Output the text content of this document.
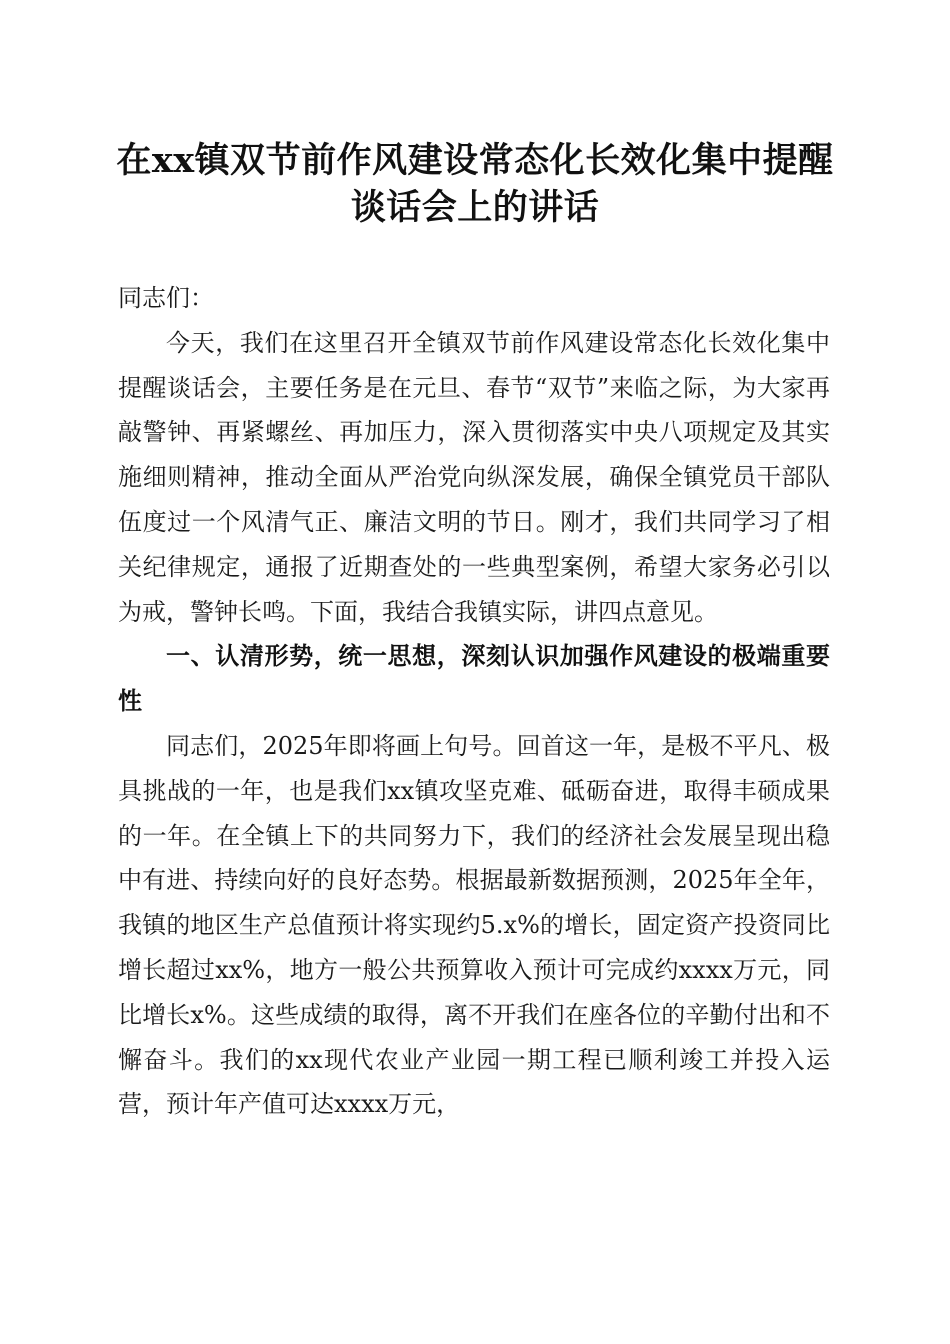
在xx镇双节前作风建设常态化长效化集中提醒谈话会上的讲话

同志们：

今天，我们在这里召开全镇双节前作风建设常态化长效化集中提醒谈话会，主要任务是在元旦、春节“双节”来临之际，为大家再敲警钟、再紧螺丝、再加压力，深入贯彻落实中央八项规定及其实施细则精神，推动全面从严治党向纵深发展，确保全镇党员干部队伍度过一个风清气正、廉洁文明的节日。刚才，我们共同学习了相关纪律规定，通报了近期查处的一些典型案例，希望大家务必引以为戒，警钟长鸣。下面，我结合我镇实际，讲四点意见。

一、认清形势，统一思想，深刻认识加强作风建设的极端重要性

同志们，2025年即将画上句号。回首这一年，是极不平凡、极具挑战的一年，也是我们xx镇攻坚克难、砥砺奋进，取得丰硕成果的一年。在全镇上下的共同努力下，我们的经济社会发展呈现出稳中有进、持续向好的良好态势。根据最新数据预测，2025年全年，我镇的地区生产总值预计将实现约5.x%的增长，固定资产投资同比增长超过xx%，地方一般公共预算收入预计可完成约xxxx万元，同比增长x%。这些成绩的取得，离不开我们在座各位的辛勤付出和不懈奋斗。我们的xx现代农业产业园一期工程已顺利竣工并投入运营，预计年产值可达xxxx万元，
